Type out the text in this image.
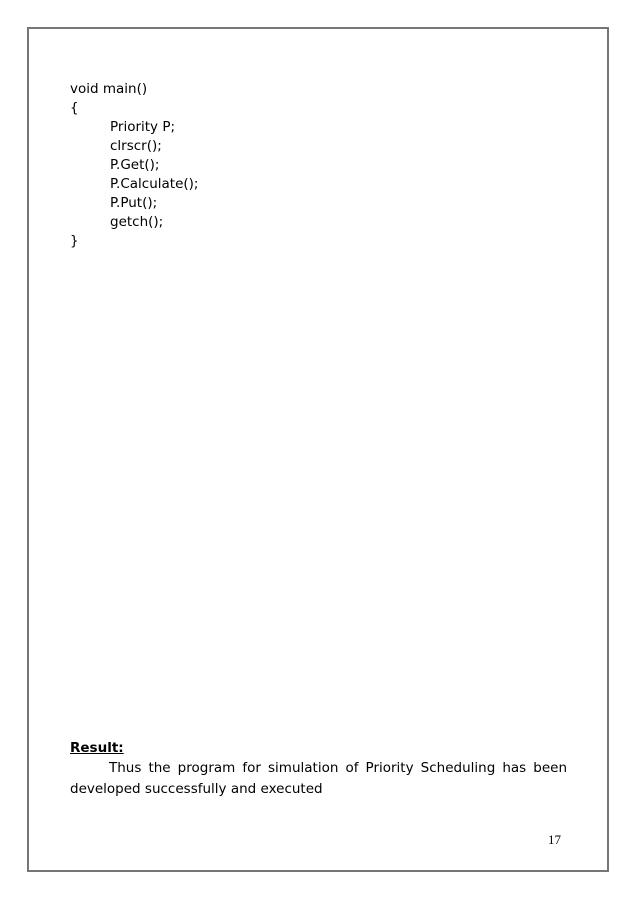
void main()
{
Priority P;
clrscr();
P.Get();
P.Calculate();
P.Put();
getch();
}
Result:
Thus the program for simulation of Priority Scheduling has been developed successfully and executed
17
